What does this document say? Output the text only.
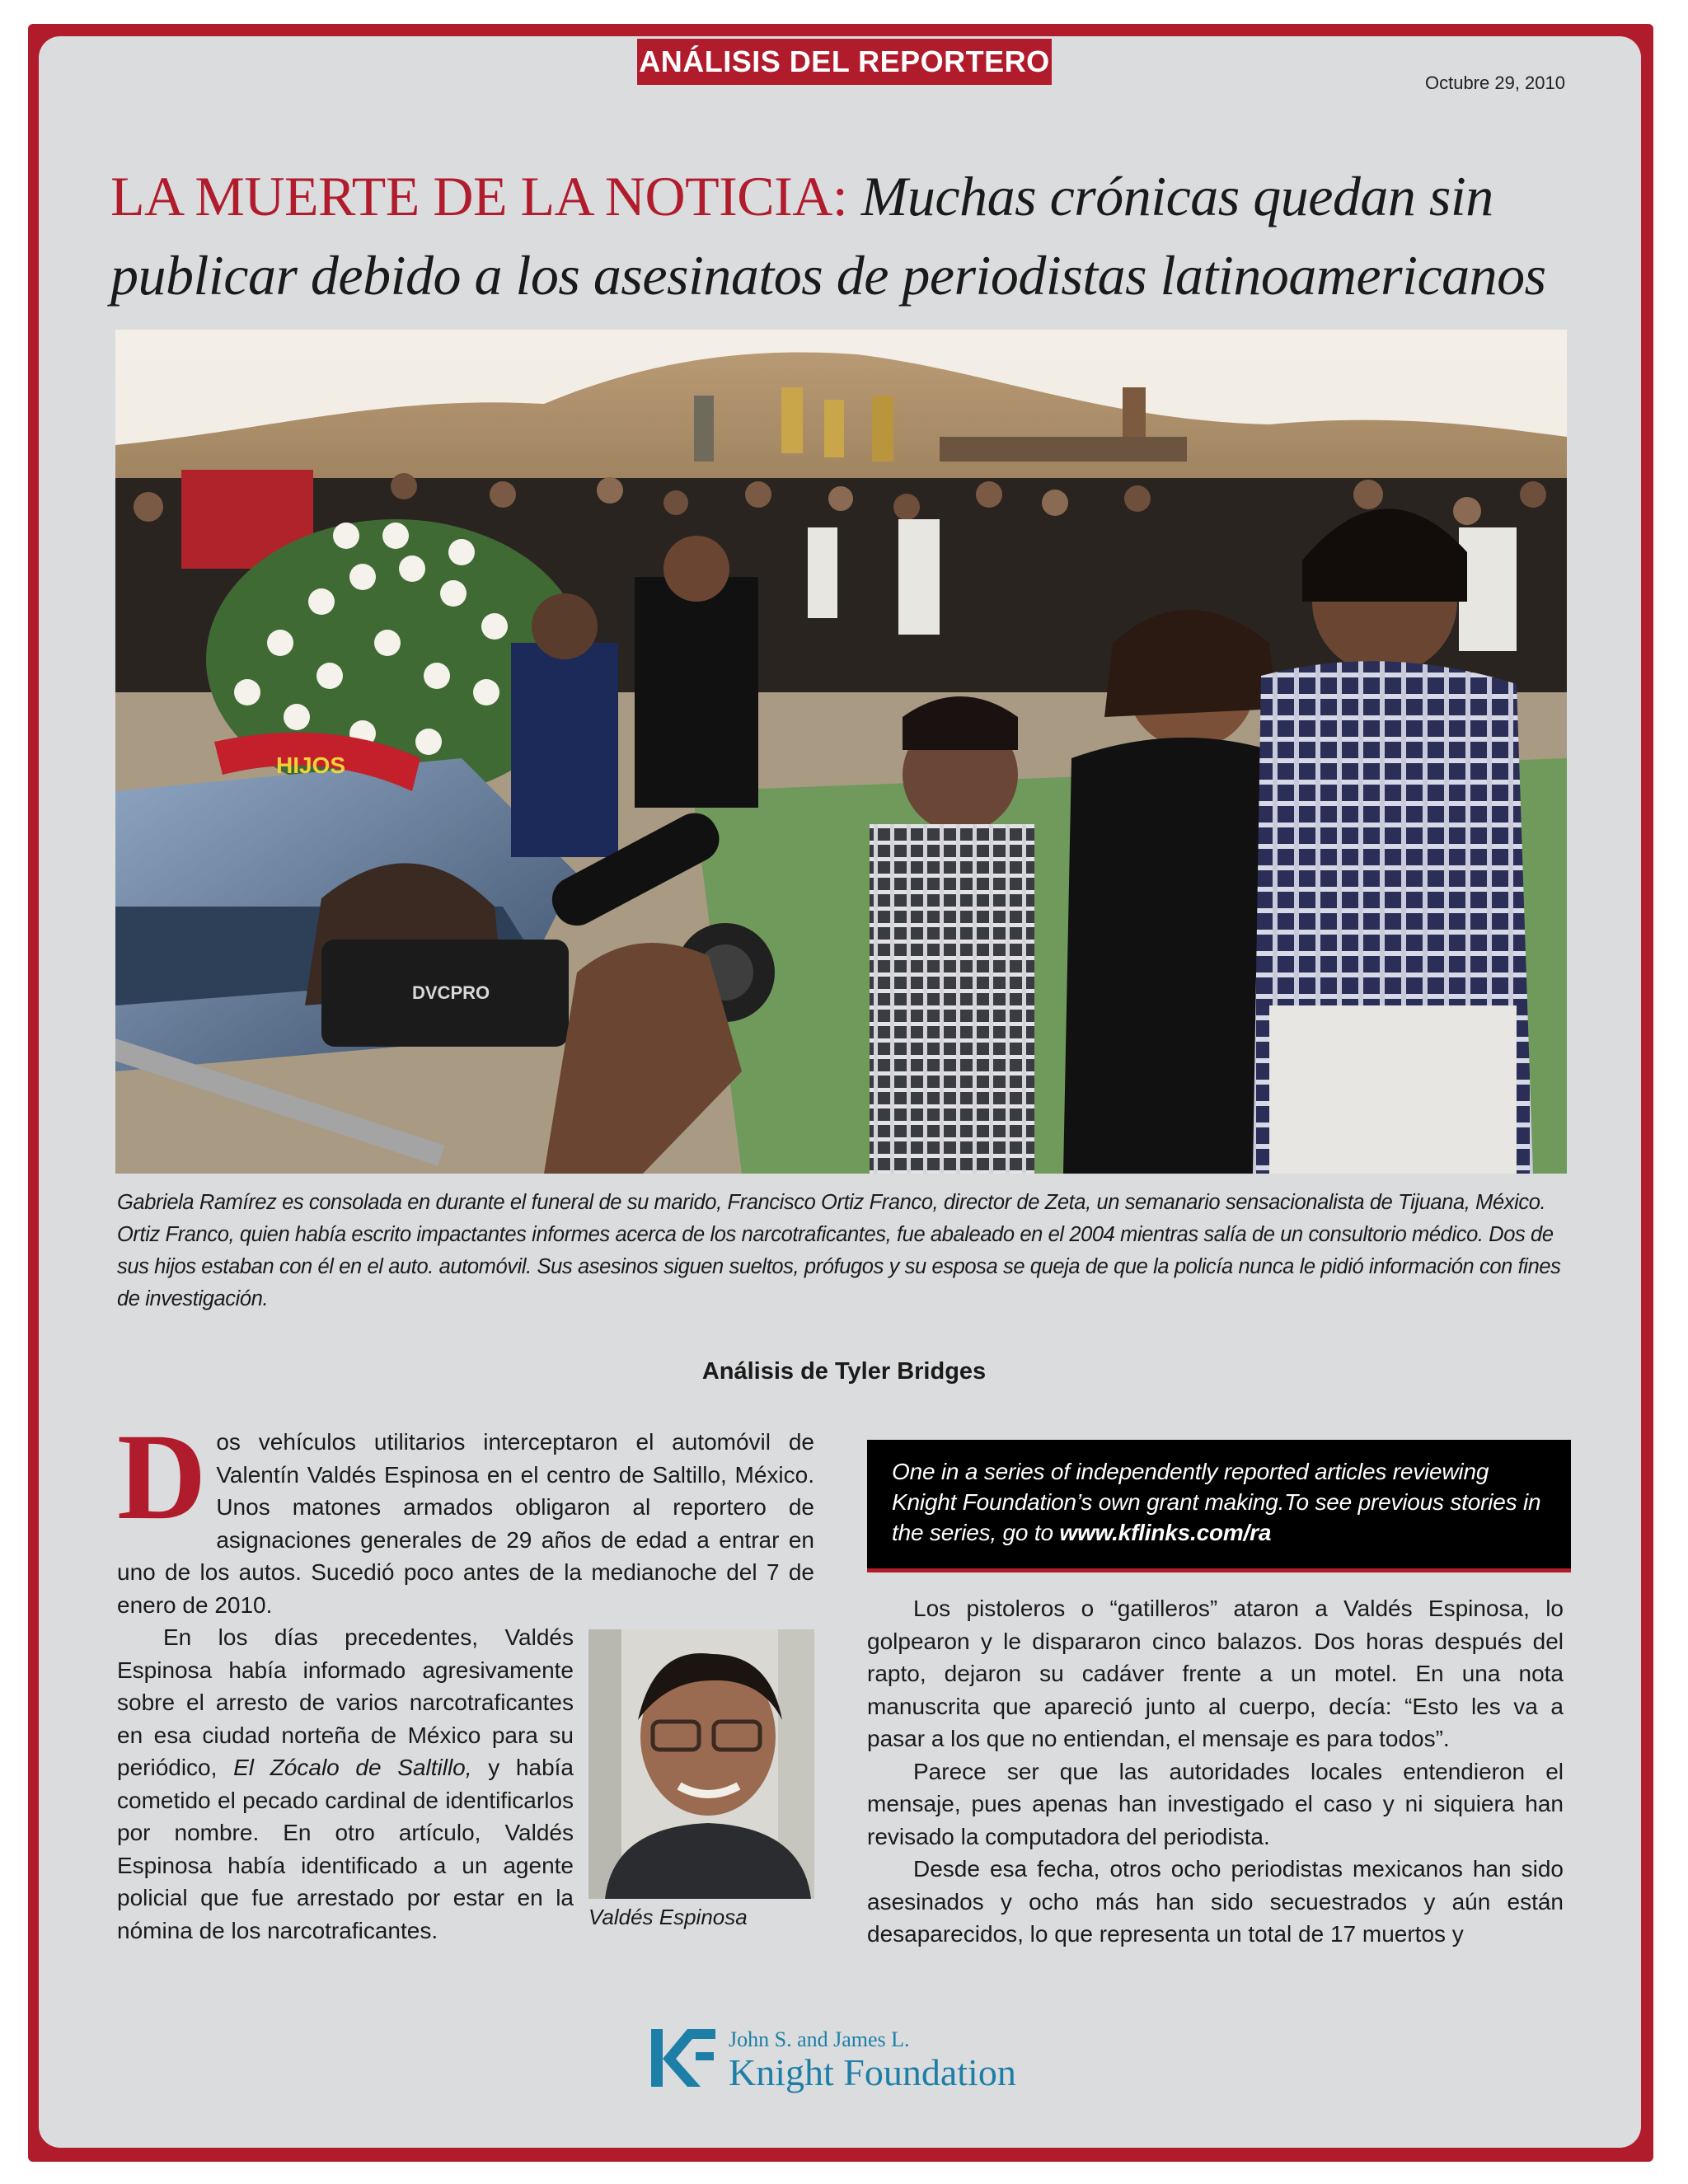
ANÁLISIS DEL REPORTERO
Octubre 29, 2010
LA MUERTE DE LA NOTICIA: Muchas crónicas quedan sin
publicar debido a los asesinatos de periodistas latinoamericanos
HIJOS
DVCPRO
Gabriela Ramírez es consolada en durante el funeral de su marido, Francisco Ortiz Franco, director de Zeta, un semanario sensacionalista de Tijuana, México. Ortiz Franco, quien había escrito impactantes informes acerca de los narcotraficantes, fue abaleado en el 2004 mientras salía de un consultorio médico. Dos de sus hijos estaban con él en el auto. automóvil. Sus asesinos siguen sueltos, prófugos y su esposa se queja de que la policía nunca le pidió información con fines de investigación.
Análisis de Tyler Bridges

Dos vehículos utilitarios interceptaron el automóvil de Valentín Valdés Espinosa en el centro de Saltillo, México. Unos matones armados obligaron al reportero de asignaciones generales de 29 años de edad a entrar en uno de los autos. Sucedió poco antes de la medianoche del 7 de enero de 2010.

Valdés Espinosa

En los días precedentes, Valdés Espinosa había informado agresivamente sobre el arresto de varios narcotraficantes en esa ciudad norteña de México para su periódico, El Zócalo de Saltillo, y había cometido el pecado cardinal de identificarlos por nombre. En otro artículo, Valdés Espinosa había identificado a un agente policial que fue arrestado por estar en la nómina de los narcotraficantes.

One in a series of independently reported articles reviewing Knight Foundation’s own grant making.To see previous stories in the series, go to www.kflinks.com/ra

Los pistoleros o “gatilleros” ataron a Valdés Espinosa, lo golpearon y le dispararon cinco balazos. Dos horas después del rapto, dejaron su cadáver frente a un motel. En una nota manuscrita que apareció junto al cuerpo, decía: “Esto les va a pasar a los que no entiendan, el mensaje es para todos”.

Parece ser que las autoridades locales entendieron el mensaje, pues apenas han investigado el caso y ni siquiera han revisado la computadora del periodista.

Desde esa fecha, otros ocho periodistas mexicanos han sido asesinados y ocho más han sido secuestrados y aún están desaparecidos, lo que representa un total de 17 muertos y

John S. and James L.
Knight Foundation
